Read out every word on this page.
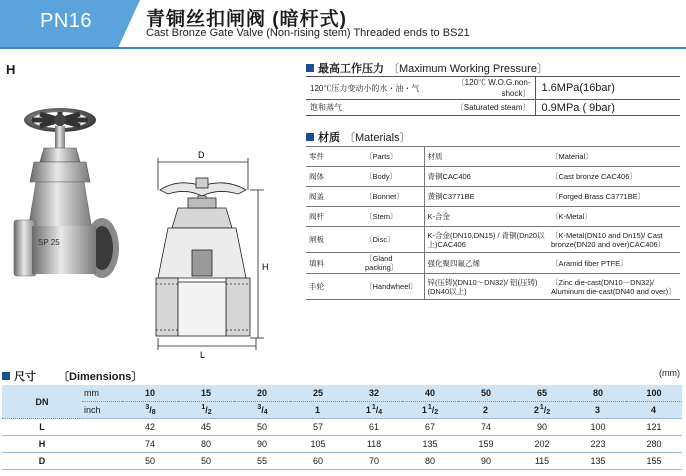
PN16	青铜丝扣闸阀 (暗杆式)
Cast Bronze Gate Valve (Non-rising stem) Threaded ends to BS21
H
SP 25
D
H
L
最高工作压力 〔Maximum Working Pressure〕
120℃压力变动小的水・油・气	〔120℃ W.O.G.non-shock〕	1.6MPa(16bar)
饱和蒸气	〔Saturated steam〕	0.9MPa ( 9bar)
材质 〔Materials〕
零件	〔Parts〕	材质	〔Material〕
阀体	〔Body〕	青铜CAC406	〔Cast bronze CAC406〕
阀盖	〔Bonnet〕	黄铜C3771BE	〔Forged Brass C3771BE〕
阀杆	〔Stem〕	K-合金	〔K-Metal〕
闸板	〔Disc〕	K-合金(DN10,DN15) / 青铜(Dn20以上)CAC406	〔K-Metal(DN10 and Dn15)/ Cast bronze(DN20 and over)CAC406〕
填料	〔Gland packing〕	强化聚四氟乙烯	〔Aramid fiber PTFE〕
手轮	〔Handwheel〕	锌(压铸)(DN10～DN32)/ 铝(压铸)(DN40以上)	〔Zinc die-cast(DN10－DN32)/ Aluminum die-cast(DN40 and over)〕
尺寸 〔Dimensions〕	(mm)
DN	mm	10	15	20	25	32	40	50	65	80	100
	inch	$^3$/8	$^1$/2	$^3$/4	1	$1^1/4$	$1^1/2$	2	$2^1/2$	3	4
L		42	45	50	57	61	67	74	90	100	121
H		74	80	90	105	118	135	159	202	223	280
D		50	50	55	60	70	80	90	115	135	155
